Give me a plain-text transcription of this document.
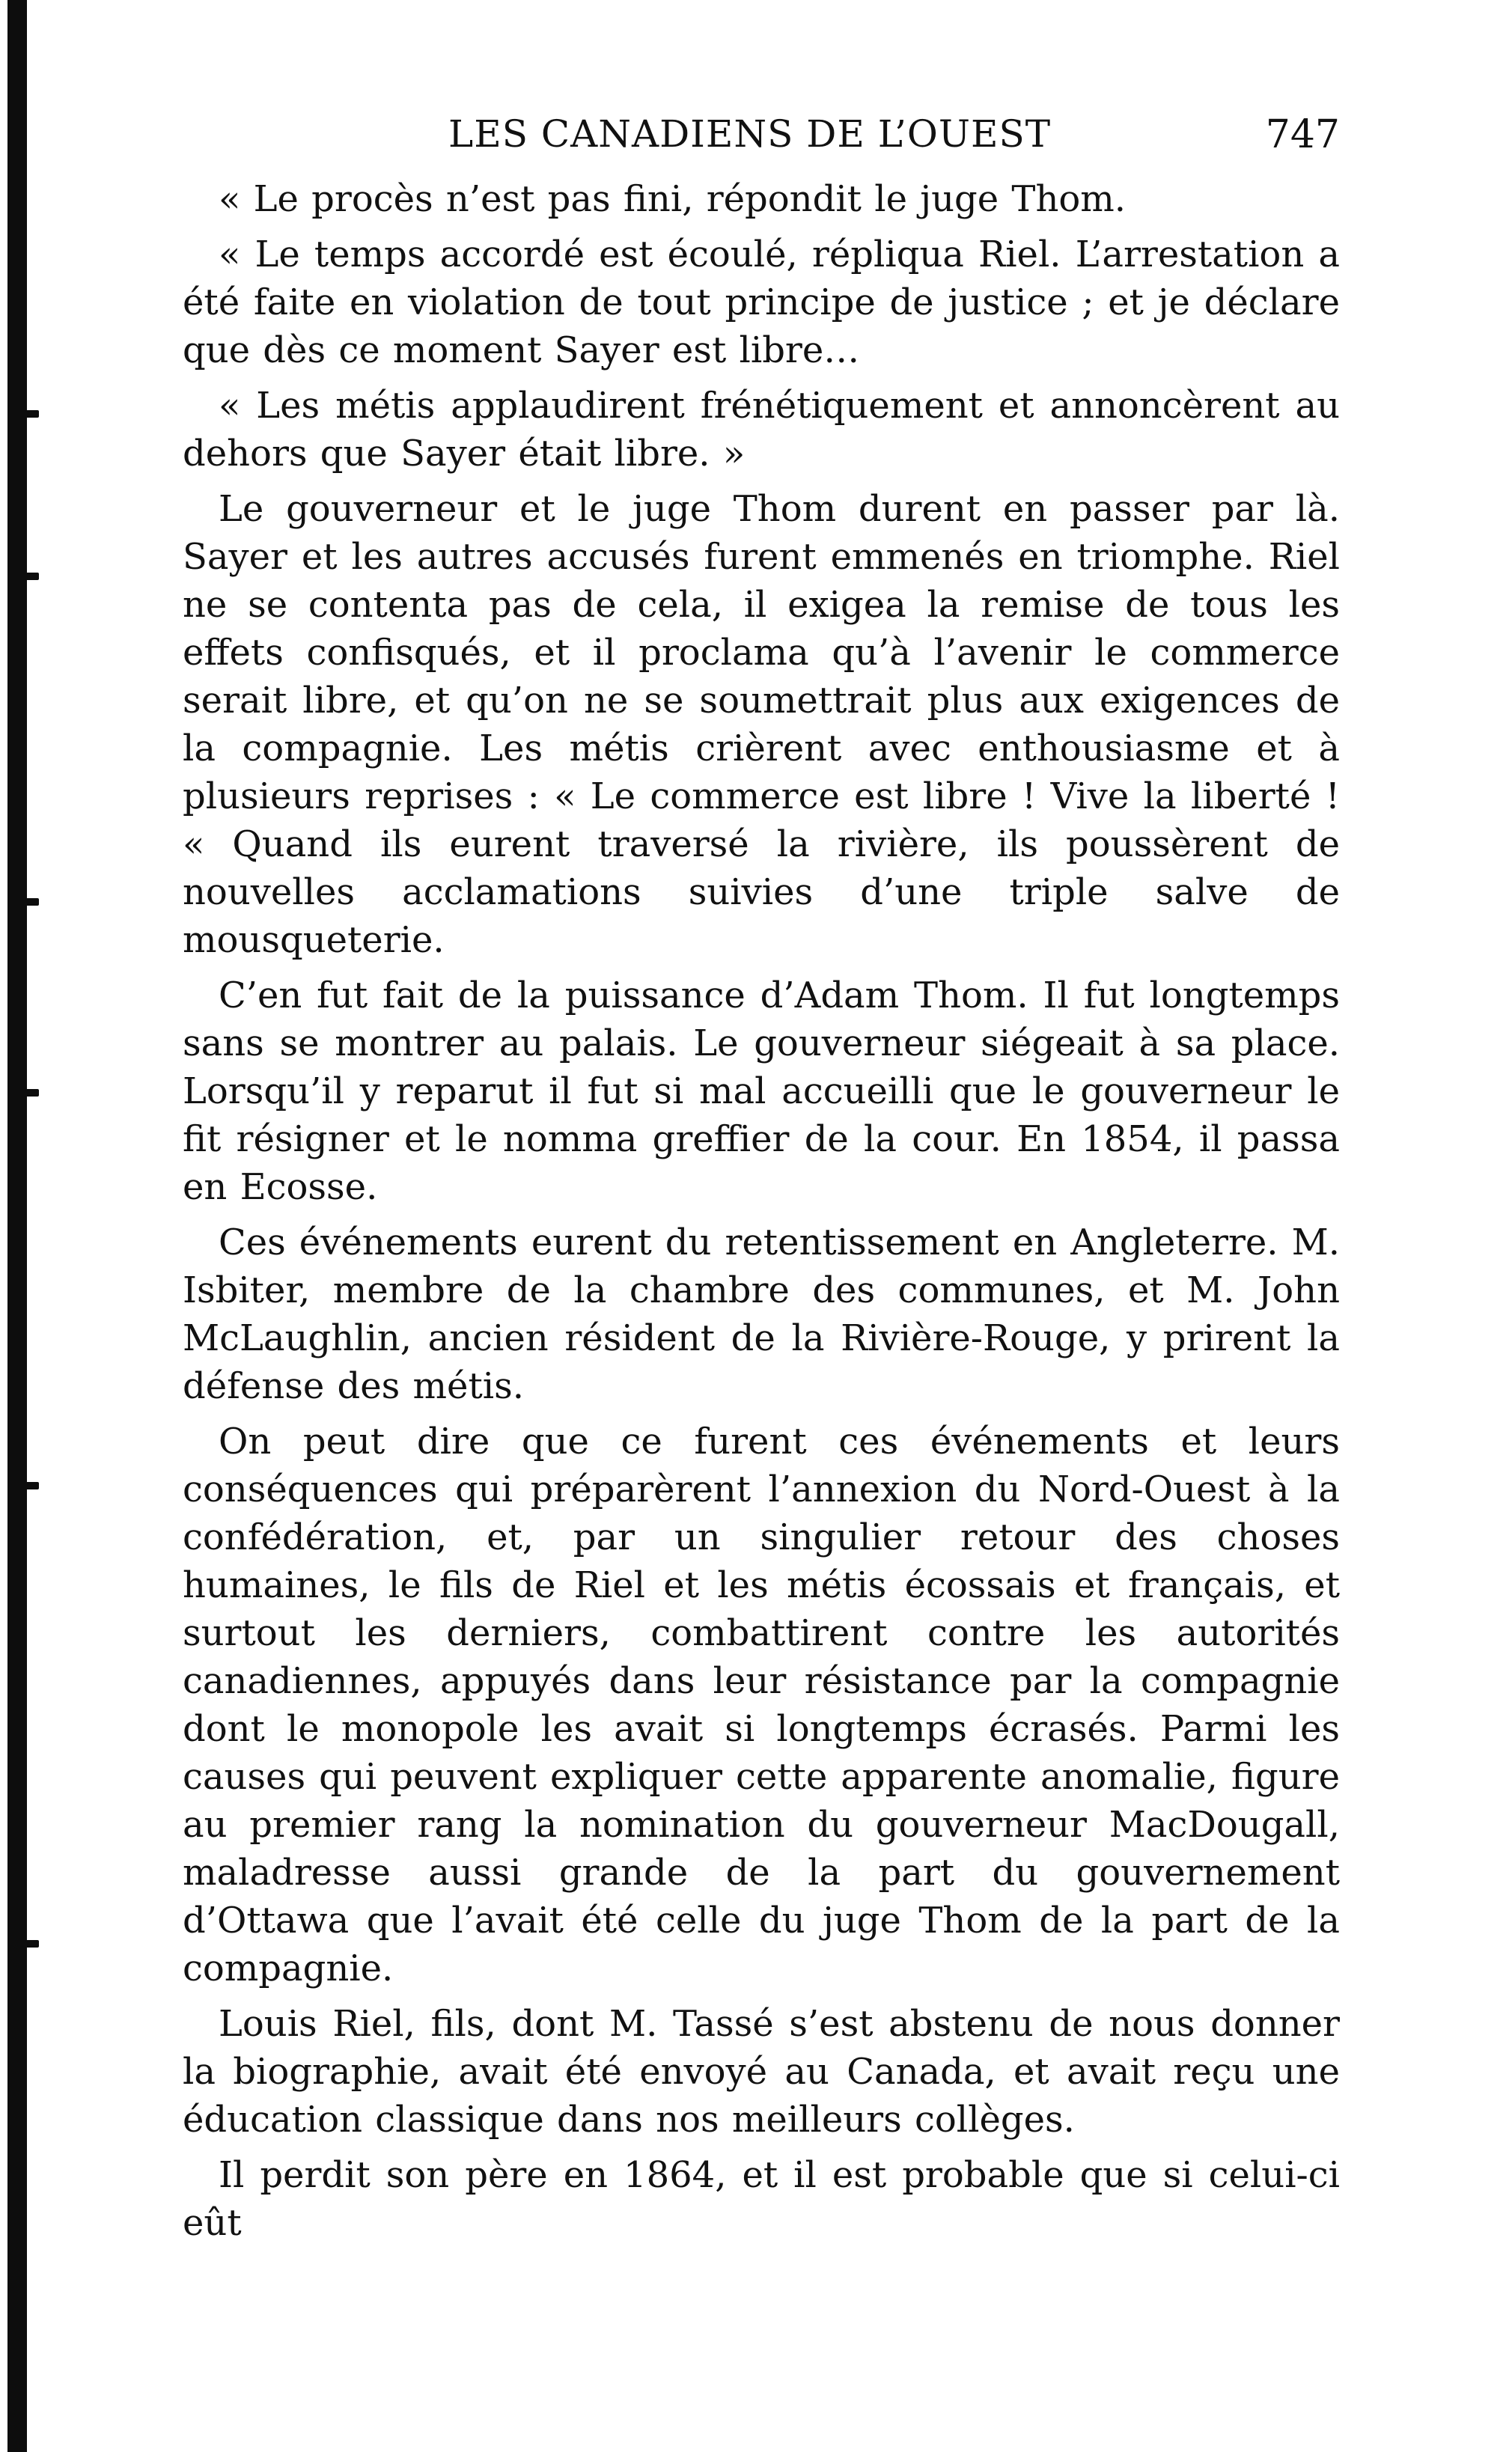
LES CANADIENS DE L’OUEST	747

« Le procès n’est pas fini, répondit le juge Thom.

« Le temps accordé est écoulé, répliqua Riel. L’arrestation a été faite en violation de tout principe de justice ; et je déclare que dès ce moment Sayer est libre…

« Les métis applaudirent frénétiquement et annoncèrent au dehors que Sayer était libre. »

Le gouverneur et le juge Thom durent en passer par là. Sayer et les autres accusés furent emmenés en triomphe. Riel ne se contenta pas de cela, il exigea la remise de tous les effets confisqués, et il proclama qu’à l’avenir le commerce serait libre, et qu’on ne se soumettrait plus aux exigences de la compagnie. Les métis crièrent avec enthousiasme et à plusieurs reprises : « Le commerce est libre ! Vive la liberté ! « Quand ils eurent traversé la rivière, ils poussèrent de nouvelles acclamations suivies d’une triple salve de mousqueterie.

C’en fut fait de la puissance d’Adam Thom. Il fut longtemps sans se montrer au palais. Le gouverneur siégeait à sa place. Lorsqu’il y reparut il fut si mal accueilli que le gouverneur le fit résigner et le nomma greffier de la cour. En 1854, il passa en Ecosse.

Ces événements eurent du retentissement en Angleterre. M. Isbiter, membre de la chambre des communes, et M. John McLaughlin, ancien résident de la Rivière-Rouge, y prirent la défense des métis.

On peut dire que ce furent ces événements et leurs conséquences qui préparèrent l’annexion du Nord-Ouest à la confédération, et, par un singulier retour des choses humaines, le fils de Riel et les métis écossais et français, et surtout les derniers, combattirent contre les autorités canadiennes, appuyés dans leur résistance par la compagnie dont le monopole les avait si longtemps écrasés. Parmi les causes qui peuvent expliquer cette apparente anomalie, figure au premier rang la nomination du gouverneur MacDougall, maladresse aussi grande de la part du gouvernement d’Ottawa que l’avait été celle du juge Thom de la part de la compagnie.

Louis Riel, fils, dont M. Tassé s’est abstenu de nous donner la biographie, avait été envoyé au Canada, et avait reçu une éducation classique dans nos meilleurs collèges.

Il perdit son père en 1864, et il est probable que si celui-ci eût
